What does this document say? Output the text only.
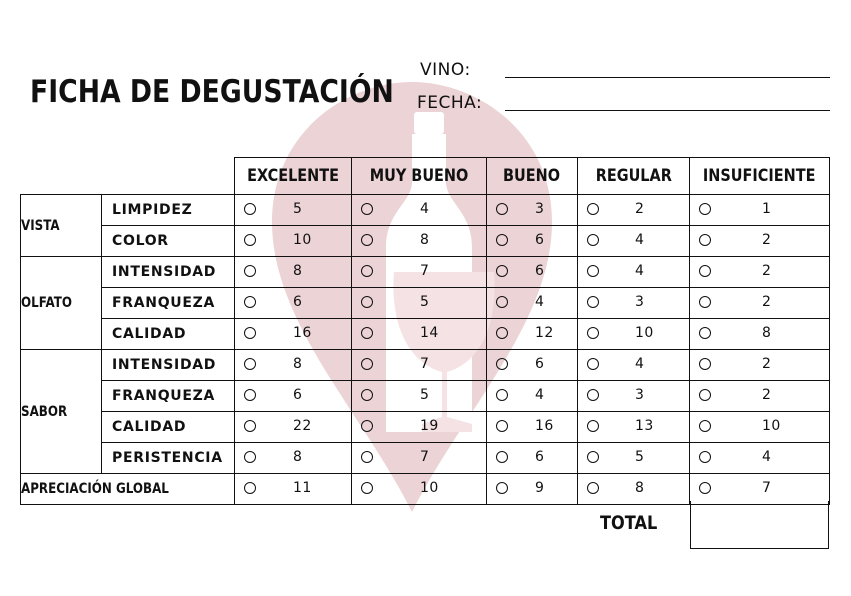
FICHA DE DEGUSTACIÓN
VINO:
FECHA:
		EXCELENTE	MUY BUENO	BUENO	REGULAR	INSUFICIENTE
VISTA	LIMPIDEZ	5	4	3	2	1

	COLOR	10	8	6	4	2

OLFATO	INTENSIDAD	8	7	6	4	2

	FRANQUEZA	6	5	4	3	2

	CALIDAD	16	14	12	10	8

SABOR	INTENSIDAD	8	7	6	4	2

	FRANQUEZA	6	5	4	3	2

	CALIDAD	22	19	16	13	10

	PERISTENCIA	8	7	6	5	4

APRECIACIÓN GLOBAL		11	10	9	8	7
TOTAL
